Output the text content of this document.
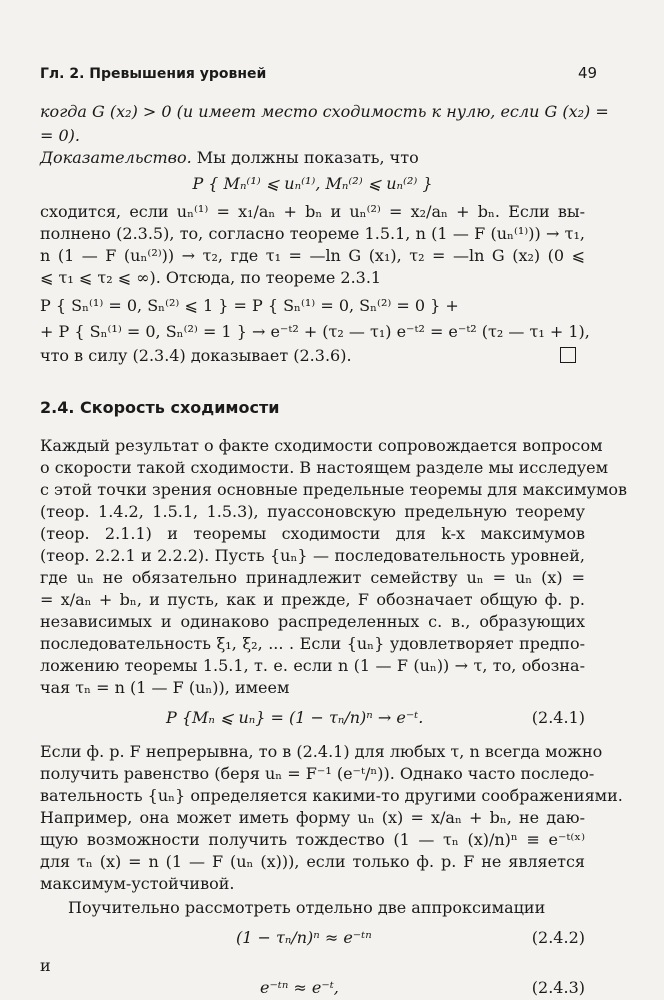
Гл. 2. Превышения уровней	49
когда G (x₂) > 0 (и имеет место сходимость к нулю, если G (x₂) =
= 0).
Доказательство. Мы должны показать, что
P { Mₙ⁽¹⁾ ⩽ uₙ⁽¹⁾, Mₙ⁽²⁾ ⩽ uₙ⁽²⁾ }
сходится, если uₙ⁽¹⁾ = x₁/aₙ + bₙ и uₙ⁽²⁾ = x₂/aₙ + bₙ. Если вы-
полнено (2.3.5), то, согласно теореме 1.5.1, n (1 — F (uₙ⁽¹⁾)) → τ₁,
n (1 — F (uₙ⁽²⁾)) → τ₂, где τ₁ = —ln G (x₁), τ₂ = —ln G (x₂) (0 ⩽
⩽ τ₁ ⩽ τ₂ ⩽ ∞). Отсюда, по теореме 2.3.1
P { Sₙ⁽¹⁾ = 0, Sₙ⁽²⁾ ⩽ 1 } = P { Sₙ⁽¹⁾ = 0, Sₙ⁽²⁾ = 0 } +
+ P { Sₙ⁽¹⁾ = 0, Sₙ⁽²⁾ = 1 } → e⁻ᵗ² + (τ₂ — τ₁) e⁻ᵗ² = e⁻ᵗ² (τ₂ — τ₁ + 1),
что в силу (2.3.4) доказывает (2.3.6).
2.4. Скорость сходимости
Каждый результат о факте сходимости сопровождается вопросом
о скорости такой сходимости. В настоящем разделе мы исследуем
с этой точки зрения основные предельные теоремы для максимумов
(теор. 1.4.2, 1.5.1, 1.5.3), пуассоновскую предельную теорему
(теор. 2.1.1) и теоремы сходимости для k-х максимумов
(теор. 2.2.1 и 2.2.2). Пусть {uₙ} — последовательность уровней,
где uₙ не обязательно принадлежит семейству uₙ = uₙ (x) =
= x/aₙ + bₙ, и пусть, как и прежде, F обозначает общую ф. р.
независимых и одинаково распределенных с. в., образующих
последовательность ξ₁, ξ₂, ... . Если {uₙ} удовлетворяет предпо-
ложению теоремы 1.5.1, т. е. если n (1 — F (uₙ)) → τ, то, обозна-
чая τₙ = n (1 — F (uₙ)), имеем
P {Mₙ ⩽ uₙ} = (1 − τₙ/n)ⁿ → e⁻ᵗ.	(2.4.1)
Если ф. р. F непрерывна, то в (2.4.1) для любых τ, n всегда можно
получить равенство (беря uₙ = F⁻¹ (e⁻ᵗ/ⁿ)). Однако часто последо-
вательность {uₙ} определяется какими-то другими соображениями.
Например, она может иметь форму uₙ (x) = x/aₙ + bₙ, не даю-
щую возможности получить тождество (1 — τₙ (x)/n)ⁿ ≡ e⁻ᵗ⁽ˣ⁾
для τₙ (x) = n (1 — F (uₙ (x))), если только ф. р. F не является
максимум-устойчивой.
Поучительно рассмотреть отдельно две аппроксимации
(1 − τₙ/n)ⁿ ≈ e⁻ᵗⁿ	(2.4.2)
и
e⁻ᵗⁿ ≈ e⁻ᵗ,	(2.4.3)
